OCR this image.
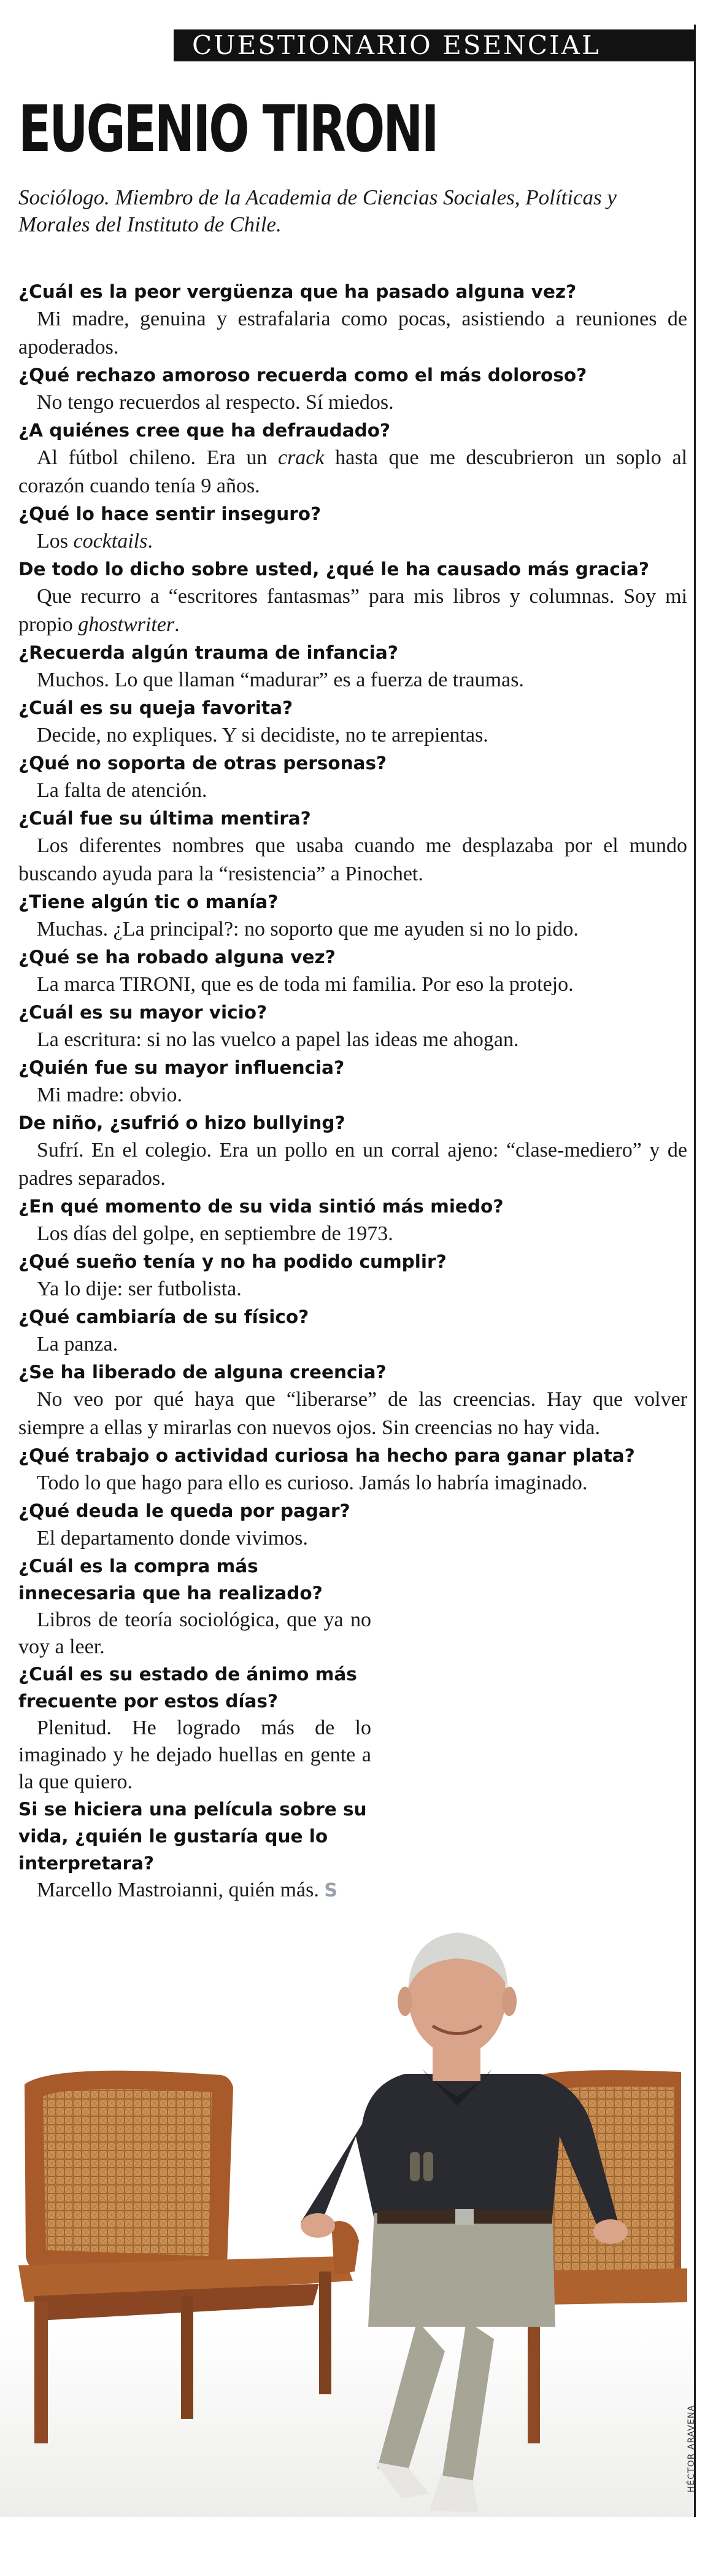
CUESTIONARIO ESENCIAL
EUGENIO TIRONI
Sociólogo. Miembro de la Academia de Ciencias Sociales, Políticas y Morales del Instituto de Chile.
¿Cuál es la peor vergüenza que ha pasado alguna vez?
Mi madre, genuina y estrafalaria como pocas, asistiendo a reuniones de apoderados.
¿Qué rechazo amoroso recuerda como el más doloroso?
No tengo recuerdos al respecto. Sí miedos.
¿A quiénes cree que ha defraudado?
Al fútbol chileno. Era un crack hasta que me descubrieron un soplo al corazón cuando tenía 9 años.
¿Qué lo hace sentir inseguro?
Los cocktails.
De todo lo dicho sobre usted, ¿qué le ha causado más gracia?
Que recurro a “escritores fantasmas” para mis libros y columnas. Soy mi propio ghostwriter.
¿Recuerda algún trauma de infancia?
Muchos. Lo que llaman “madurar” es a fuerza de traumas.
¿Cuál es su queja favorita?
Decide, no expliques. Y si decidiste, no te arrepientas.
¿Qué no soporta de otras personas?
La falta de atención.
¿Cuál fue su última mentira?
Los diferentes nombres que usaba cuando me desplazaba por el mundo buscando ayuda para la “resistencia” a Pinochet.
¿Tiene algún tic o manía?
Muchas. ¿La principal?: no soporto que me ayuden si no lo pido.
¿Qué se ha robado alguna vez?
La marca TIRONI, que es de toda mi familia. Por eso la protejo.
¿Cuál es su mayor vicio?
La escritura: si no las vuelco a papel las ideas me ahogan.
¿Quién fue su mayor influencia?
Mi madre: obvio.
De niño, ¿sufrió o hizo bullying?
Sufrí. En el colegio. Era un pollo en un corral ajeno: “clase-mediero” y de padres separados.
¿En qué momento de su vida sintió más miedo?
Los días del golpe, en septiembre de 1973.
¿Qué sueño tenía y no ha podido cumplir?
Ya lo dije: ser futbolista.
¿Qué cambiaría de su físico?
La panza.
¿Se ha liberado de alguna creencia?
No veo por qué haya que “liberarse” de las creencias. Hay que volver siempre a ellas y mirarlas con nuevos ojos. Sin creencias no hay vida.
¿Qué trabajo o actividad curiosa ha hecho para ganar plata?
Todo lo que hago para ello es curioso. Jamás lo habría imaginado.
¿Qué deuda le queda por pagar?
El departamento donde vivimos.
¿Cuál es la compra más innecesaria que ha realizado?
Libros de teoría sociológica, que ya no voy a leer.
¿Cuál es su estado de ánimo más frecuente por estos días?
Plenitud. He logrado más de lo imaginado y he dejado huellas en gente a la que quiero.
Si se hiciera una película sobre su vida, ¿quién le gustaría que lo interpretara?
Marcello Mastroianni, quién más. S
HÉCTOR ARAVENA
